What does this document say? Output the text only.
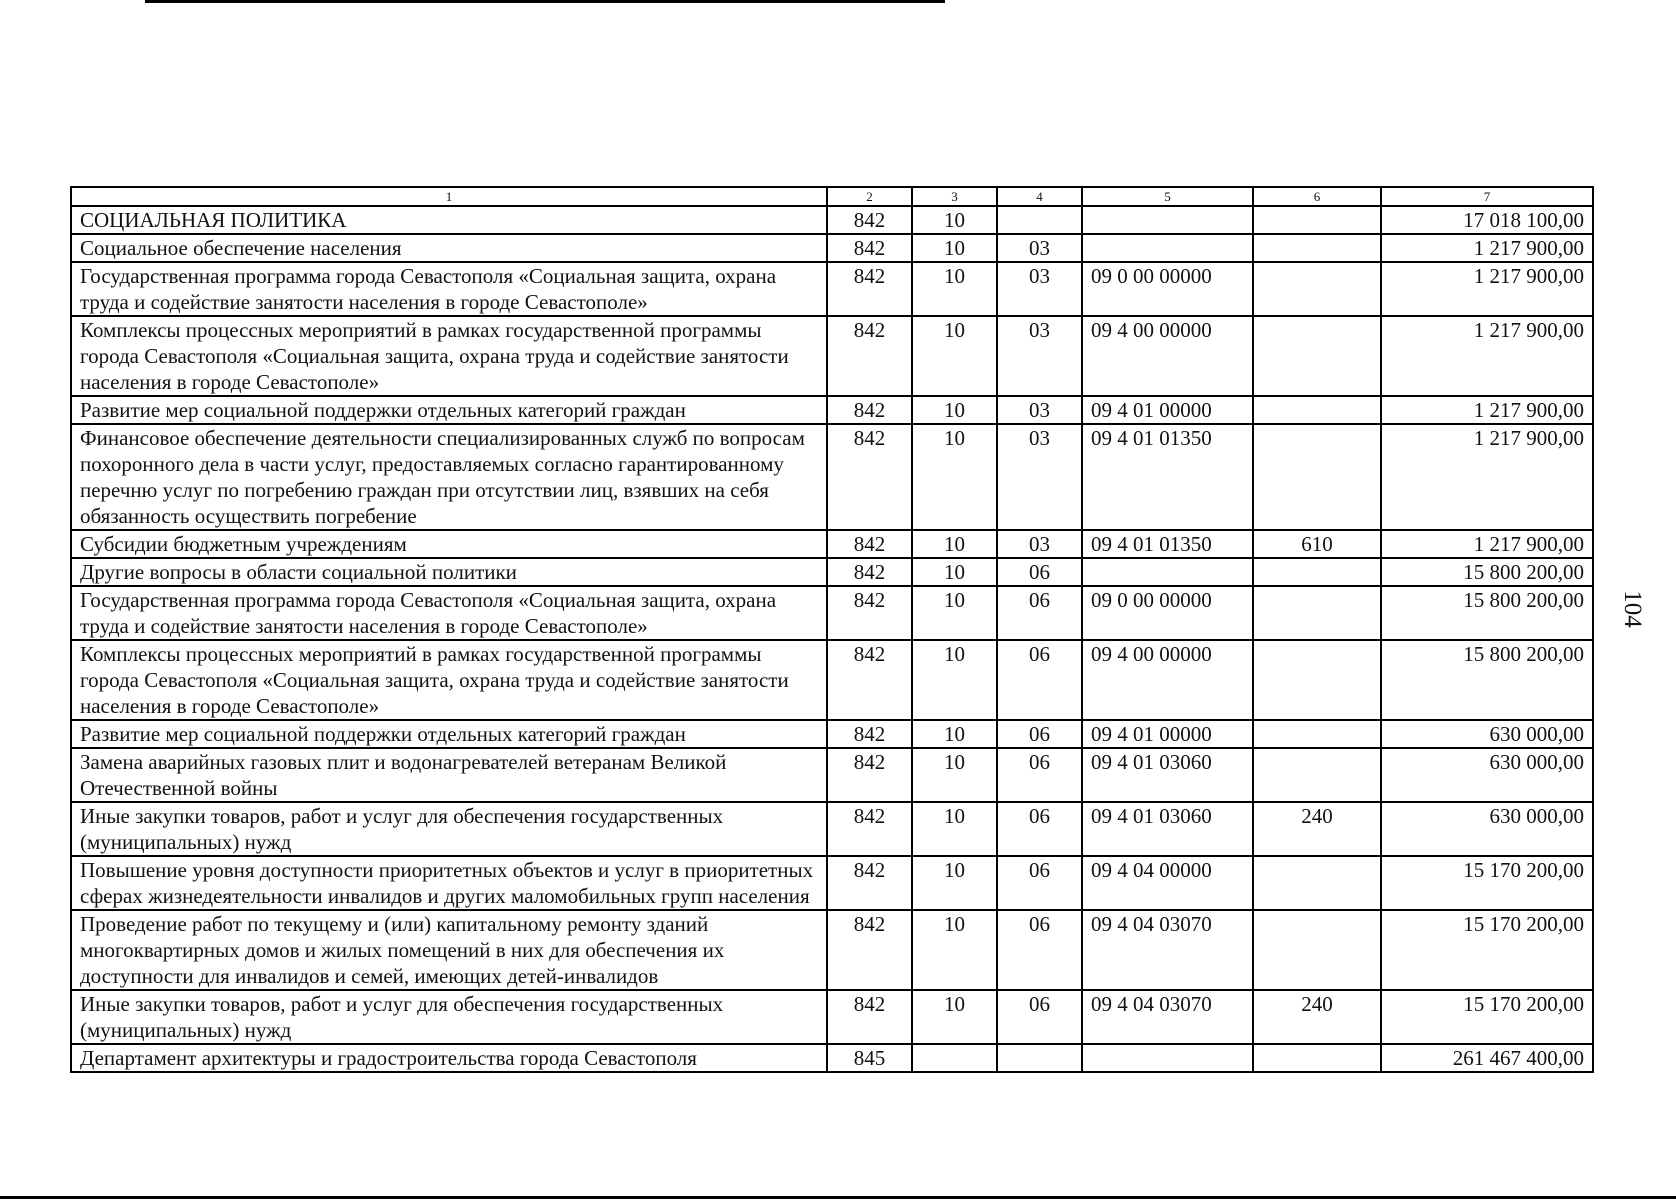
1	2	3	4	5	6	7
СОЦИАЛЬНАЯ ПОЛИТИКА	842	10				17 018 100,00
Социальное обеспечение населения	842	10	03			1 217 900,00
Государственная программа города Севастополя «Социальная защита, охрана труда и содействие занятости населения в городе Севастополе»	842	10	03	09 0 00 00000		1 217 900,00
Комплексы процессных мероприятий в рамках государственной программы города Севастополя «Социальная защита, охрана труда и содействие занятости населения в городе Севастополе»	842	10	03	09 4 00 00000		1 217 900,00
Развитие мер социальной поддержки отдельных категорий граждан	842	10	03	09 4 01 00000		1 217 900,00
Финансовое обеспечение деятельности специализированных служб по вопросам похоронного дела в части услуг, предоставляемых согласно гарантированному перечню услуг по погребению граждан при отсутствии лиц, взявших на себя обязанность осуществить погребение	842	10	03	09 4 01 01350		1 217 900,00
Субсидии бюджетным учреждениям	842	10	03	09 4 01 01350	610	1 217 900,00
Другие вопросы в области социальной политики	842	10	06			15 800 200,00
Государственная программа города Севастополя «Социальная защита, охрана труда и содействие занятости населения в городе Севастополе»	842	10	06	09 0 00 00000		15 800 200,00
Комплексы процессных мероприятий в рамках государственной программы города Севастополя «Социальная защита, охрана труда и содействие занятости населения в городе Севастополе»	842	10	06	09 4 00 00000		15 800 200,00
Развитие мер социальной поддержки отдельных категорий граждан	842	10	06	09 4 01 00000		630 000,00
Замена аварийных газовых плит и водонагревателей ветеранам Великой Отечественной войны	842	10	06	09 4 01 03060		630 000,00
Иные закупки товаров, работ и услуг для обеспечения государственных (муниципальных) нужд	842	10	06	09 4 01 03060	240	630 000,00
Повышение уровня доступности приоритетных объектов и услуг в приоритетных сферах жизнедеятельности инвалидов и других маломобильных групп населения	842	10	06	09 4 04 00000		15 170 200,00
Проведение работ по текущему и (или) капитальному ремонту зданий многоквартирных домов и жилых помещений в них для обеспечения их доступности для инвалидов и семей, имеющих детей-инвалидов	842	10	06	09 4 04 03070		15 170 200,00
Иные закупки товаров, работ и услуг для обеспечения государственных (муниципальных) нужд	842	10	06	09 4 04 03070	240	15 170 200,00
Департамент архитектуры и градостроительства города Севастополя	845					261 467 400,00
104
